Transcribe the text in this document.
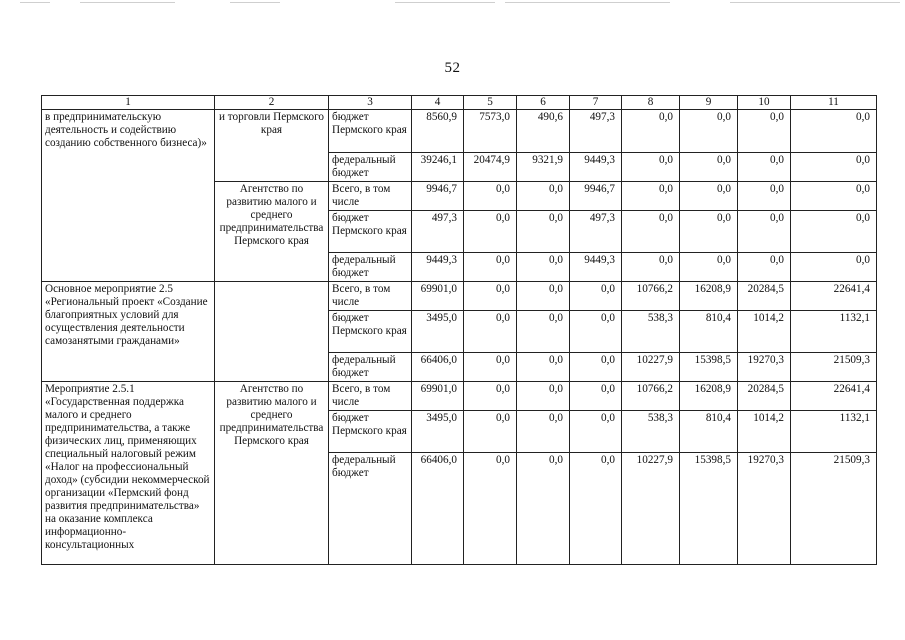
52
1	2	3	4	5	6	7	8	9	10	11
в предпринимательскую деятельность и содействию созданию собственного бизнеса)»	и торговли Пермского края	бюджет Пермского края	8560,9	7573,0	490,6	497,3	0,0	0,0	0,0	0,0
		федеральный бюджет	39246,1	20474,9	9321,9	9449,3	0,0	0,0	0,0	0,0
	Агентство по развитию малого и среднего предпринимательства Пермского края	Всего, в том числе	9946,7	0,0	0,0	9946,7	0,0	0,0	0,0	0,0
		бюджет Пермского края	497,3	0,0	0,0	497,3	0,0	0,0	0,0	0,0
		федеральный бюджет	9449,3	0,0	0,0	9449,3	0,0	0,0	0,0	0,0
Основное мероприятие 2.5 «Региональный проект «Создание благоприятных условий для осуществления деятельности самозанятыми гражданами»		Всего, в том числе	69901,0	0,0	0,0	0,0	10766,2	16208,9	20284,5	22641,4
		бюджет Пермского края	3495,0	0,0	0,0	0,0	538,3	810,4	1014,2	1132,1
		федеральный бюджет	66406,0	0,0	0,0	0,0	10227,9	15398,5	19270,3	21509,3
Мероприятие 2.5.1 «Государственная поддержка малого и среднего предпринимательства, а также физических лиц, применяющих специальный налоговый режим «Налог на профессиональный доход» (субсидии некоммерческой организации «Пермский фонд развития предпринимательства» на оказание комплекса информационно-консультационных	Агентство по развитию малого и среднего предпринимательства Пермского края	Всего, в том числе	69901,0	0,0	0,0	0,0	10766,2	16208,9	20284,5	22641,4
		бюджет Пермского края	3495,0	0,0	0,0	0,0	538,3	810,4	1014,2	1132,1
		федеральный бюджет	66406,0	0,0	0,0	0,0	10227,9	15398,5	19270,3	21509,3
